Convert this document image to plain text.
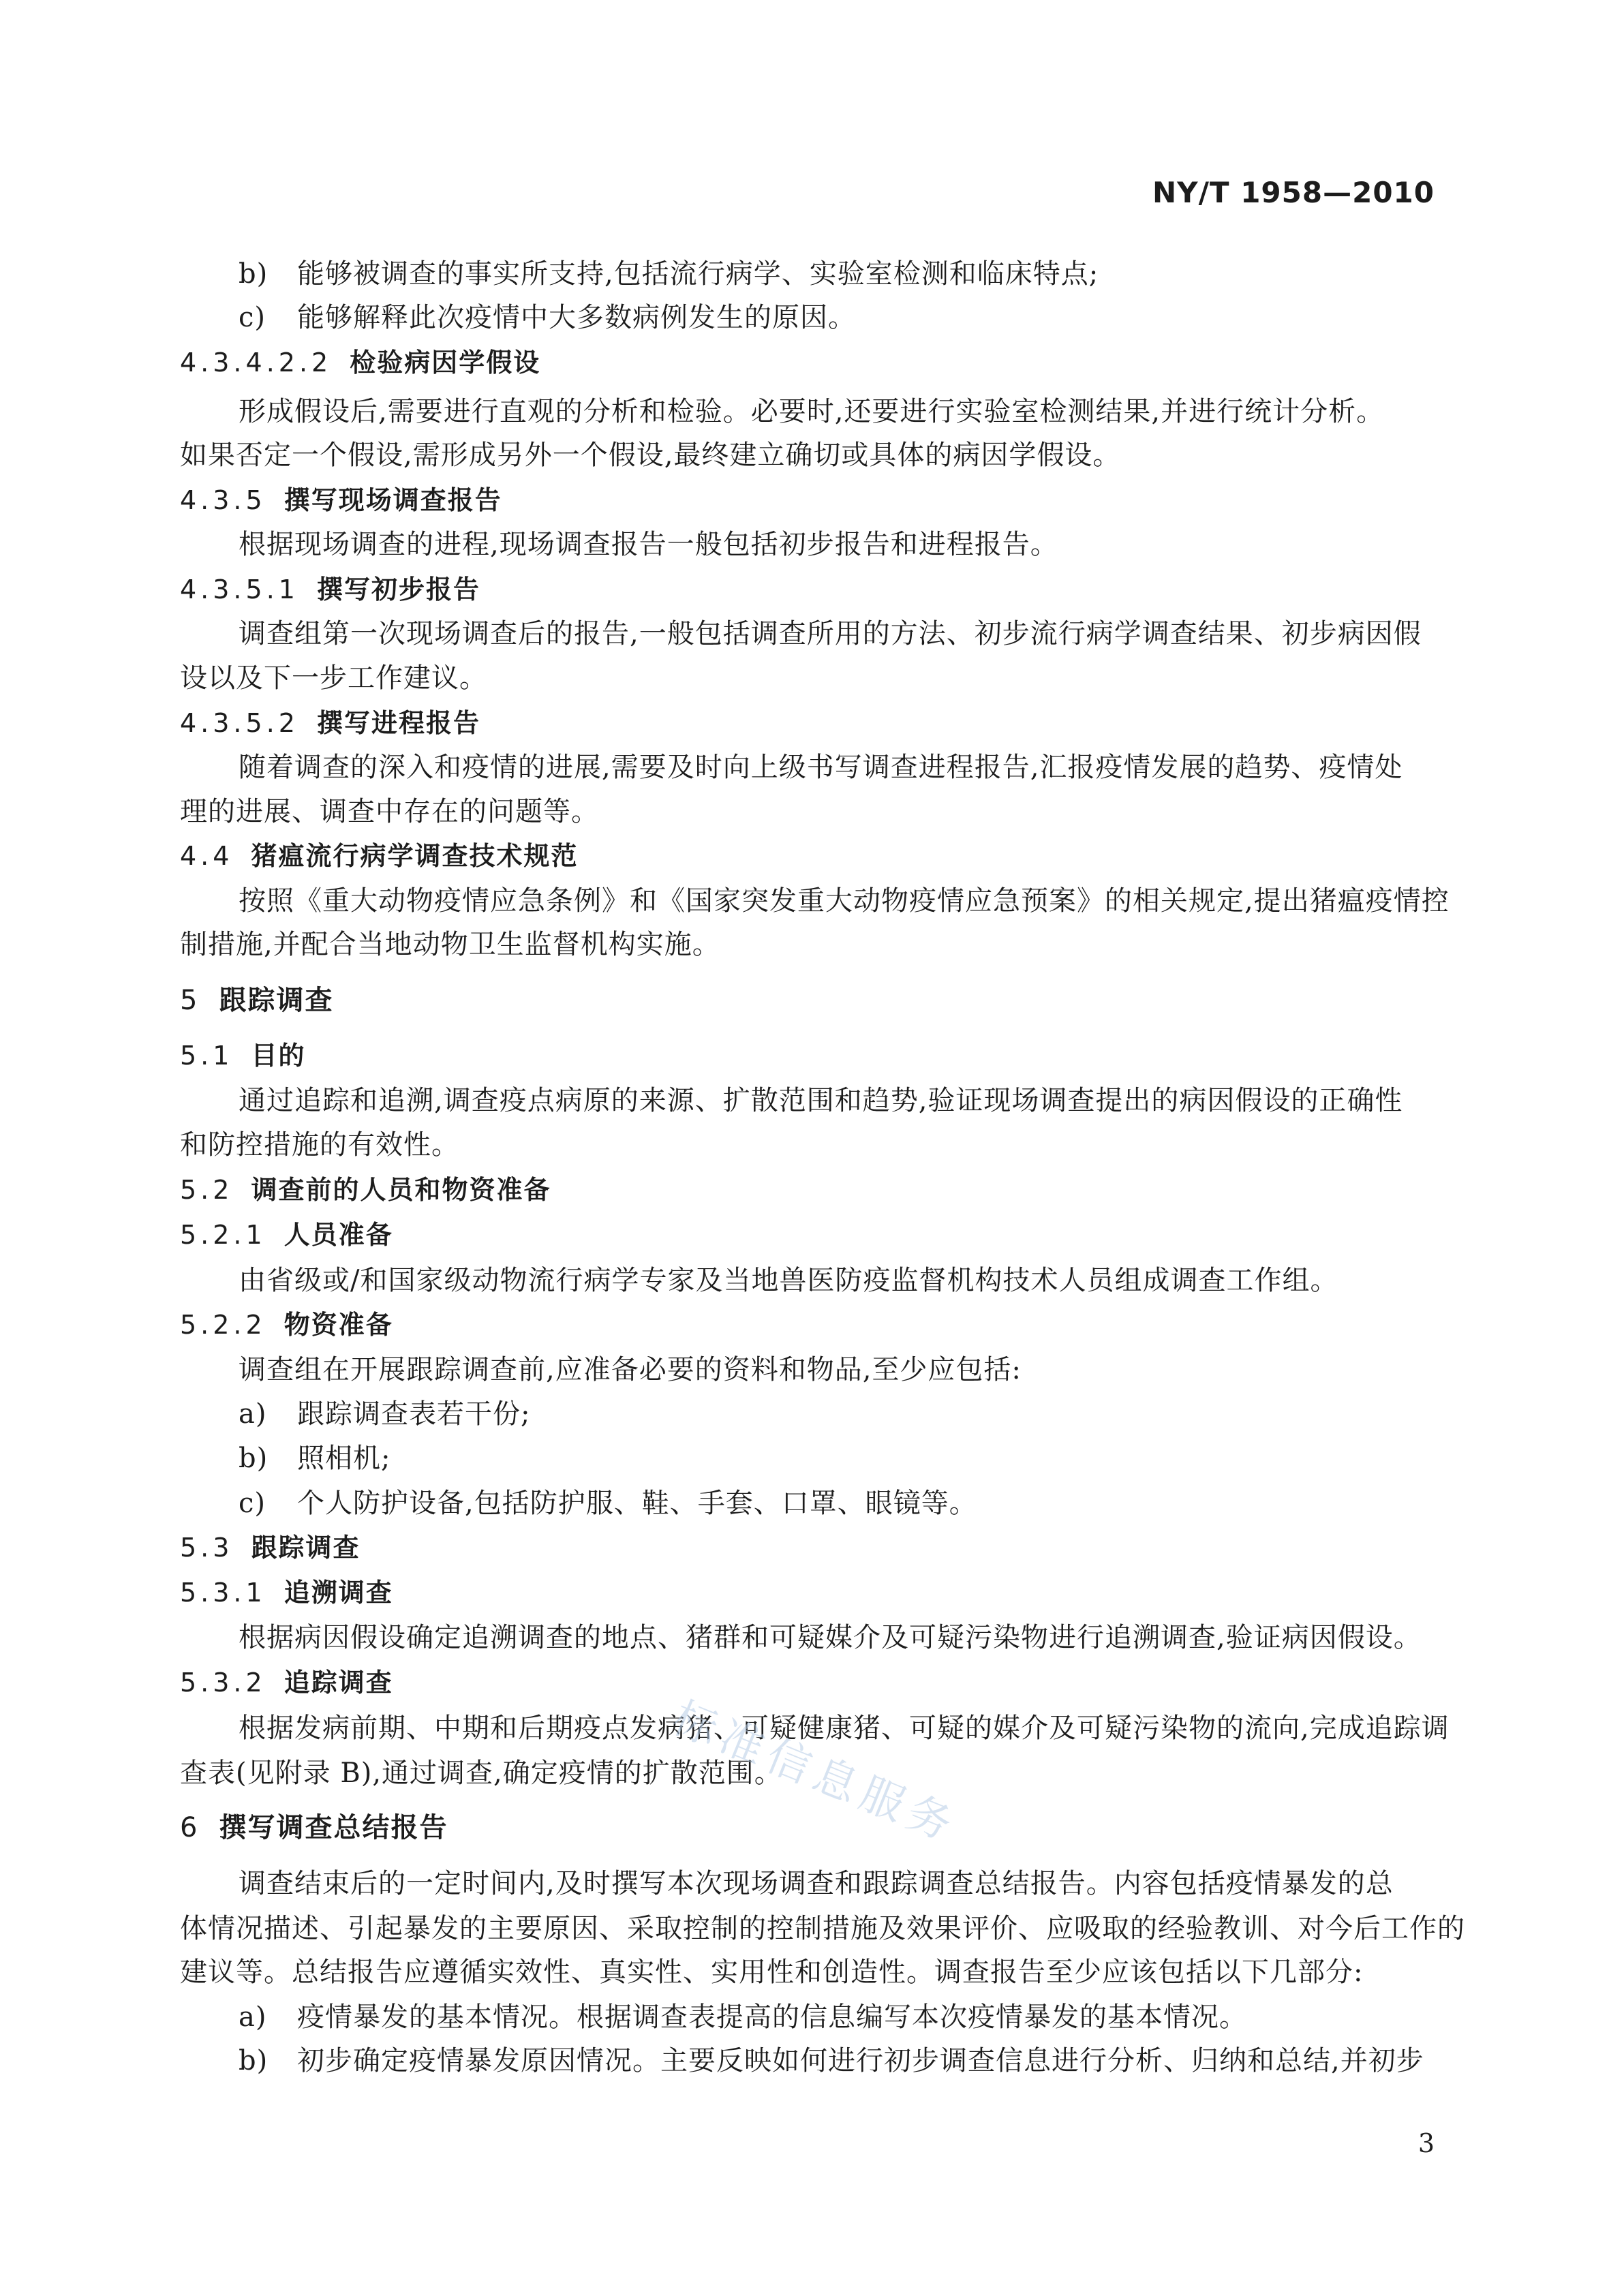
NY/T 1958—2010
b) 能够被调查的事实所支持,包括流行病学、实验室检测和临床特点;
c) 能够解释此次疫情中大多数病例发生的原因。
4.3.4.2.2 检验病因学假设
形成假设后,需要进行直观的分析和检验。必要时,还要进行实验室检测结果,并进行统计分析。
如果否定一个假设,需形成另外一个假设,最终建立确切或具体的病因学假设。
4.3.5 撰写现场调查报告
根据现场调查的进程,现场调查报告一般包括初步报告和进程报告。
4.3.5.1 撰写初步报告
调查组第一次现场调查后的报告,一般包括调查所用的方法、初步流行病学调查结果、初步病因假
设以及下一步工作建议。
4.3.5.2 撰写进程报告
随着调查的深入和疫情的进展,需要及时向上级书写调查进程报告,汇报疫情发展的趋势、疫情处
理的进展、调查中存在的问题等。
4.4 猪瘟流行病学调查技术规范
按照《重大动物疫情应急条例》和《国家突发重大动物疫情应急预案》的相关规定,提出猪瘟疫情控
制措施,并配合当地动物卫生监督机构实施。
5 跟踪调查
5.1 目的
通过追踪和追溯,调查疫点病原的来源、扩散范围和趋势,验证现场调查提出的病因假设的正确性
和防控措施的有效性。
5.2 调查前的人员和物资准备
5.2.1 人员准备
由省级或/和国家级动物流行病学专家及当地兽医防疫监督机构技术人员组成调查工作组。
5.2.2 物资准备
调查组在开展跟踪调查前,应准备必要的资料和物品,至少应包括:
a) 跟踪调查表若干份;
b) 照相机;
c) 个人防护设备,包括防护服、鞋、手套、口罩、眼镜等。
5.3 跟踪调查
5.3.1 追溯调查
根据病因假设确定追溯调查的地点、猪群和可疑媒介及可疑污染物进行追溯调查,验证病因假设。
5.3.2 追踪调查
根据发病前期、中期和后期疫点发病猪、可疑健康猪、可疑的媒介及可疑污染物的流向,完成追踪调
查表(见附录 B),通过调查,确定疫情的扩散范围。
6 撰写调查总结报告
调查结束后的一定时间内,及时撰写本次现场调查和跟踪调查总结报告。内容包括疫情暴发的总
体情况描述、引起暴发的主要原因、采取控制的控制措施及效果评价、应吸取的经验教训、对今后工作的
建议等。总结报告应遵循实效性、真实性、实用性和创造性。调查报告至少应该包括以下几部分:
a) 疫情暴发的基本情况。根据调查表提高的信息编写本次疫情暴发的基本情况。
b) 初步确定疫情暴发原因情况。主要反映如何进行初步调查信息进行分析、归纳和总结,并初步
标准信息服务
3
